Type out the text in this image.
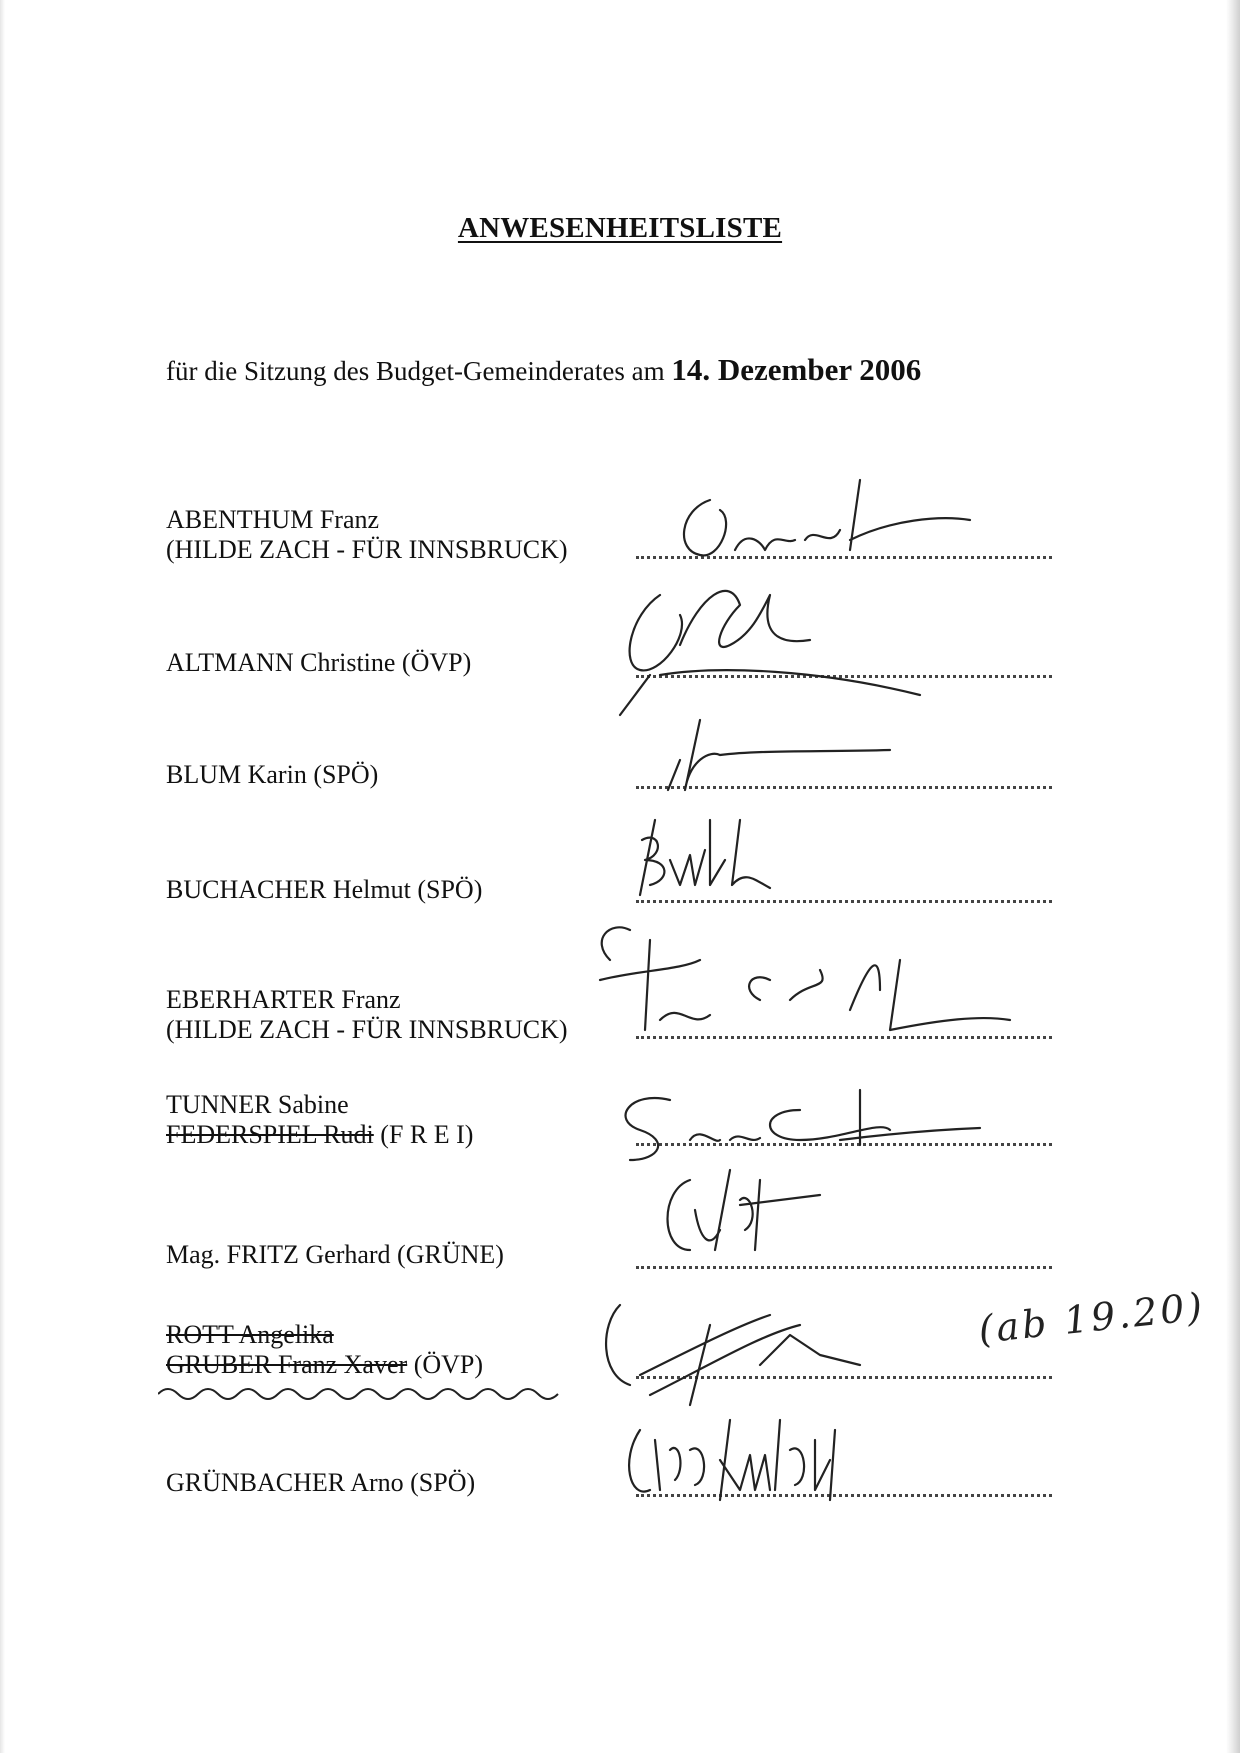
ANWESENHEITSLISTE
für die Sitzung des Budget-Gemeinderates am 14. Dezember 2006
ABENTHUM Franz
(HILDE ZACH - FÜR INNSBRUCK)
ALTMANN Christine (ÖVP)
BLUM Karin (SPÖ)
BUCHACHER Helmut (SPÖ)
EBERHARTER Franz
(HILDE ZACH - FÜR INNSBRUCK)
TUNNER Sabine
FEDERSPIEL Rudi (F R E I)
Mag. FRITZ Gerhard (GRÜNE)
ROTT Angelika
GRUBER Franz Xaver (ÖVP)
(ab 19.20)
GRÜNBACHER Arno (SPÖ)
